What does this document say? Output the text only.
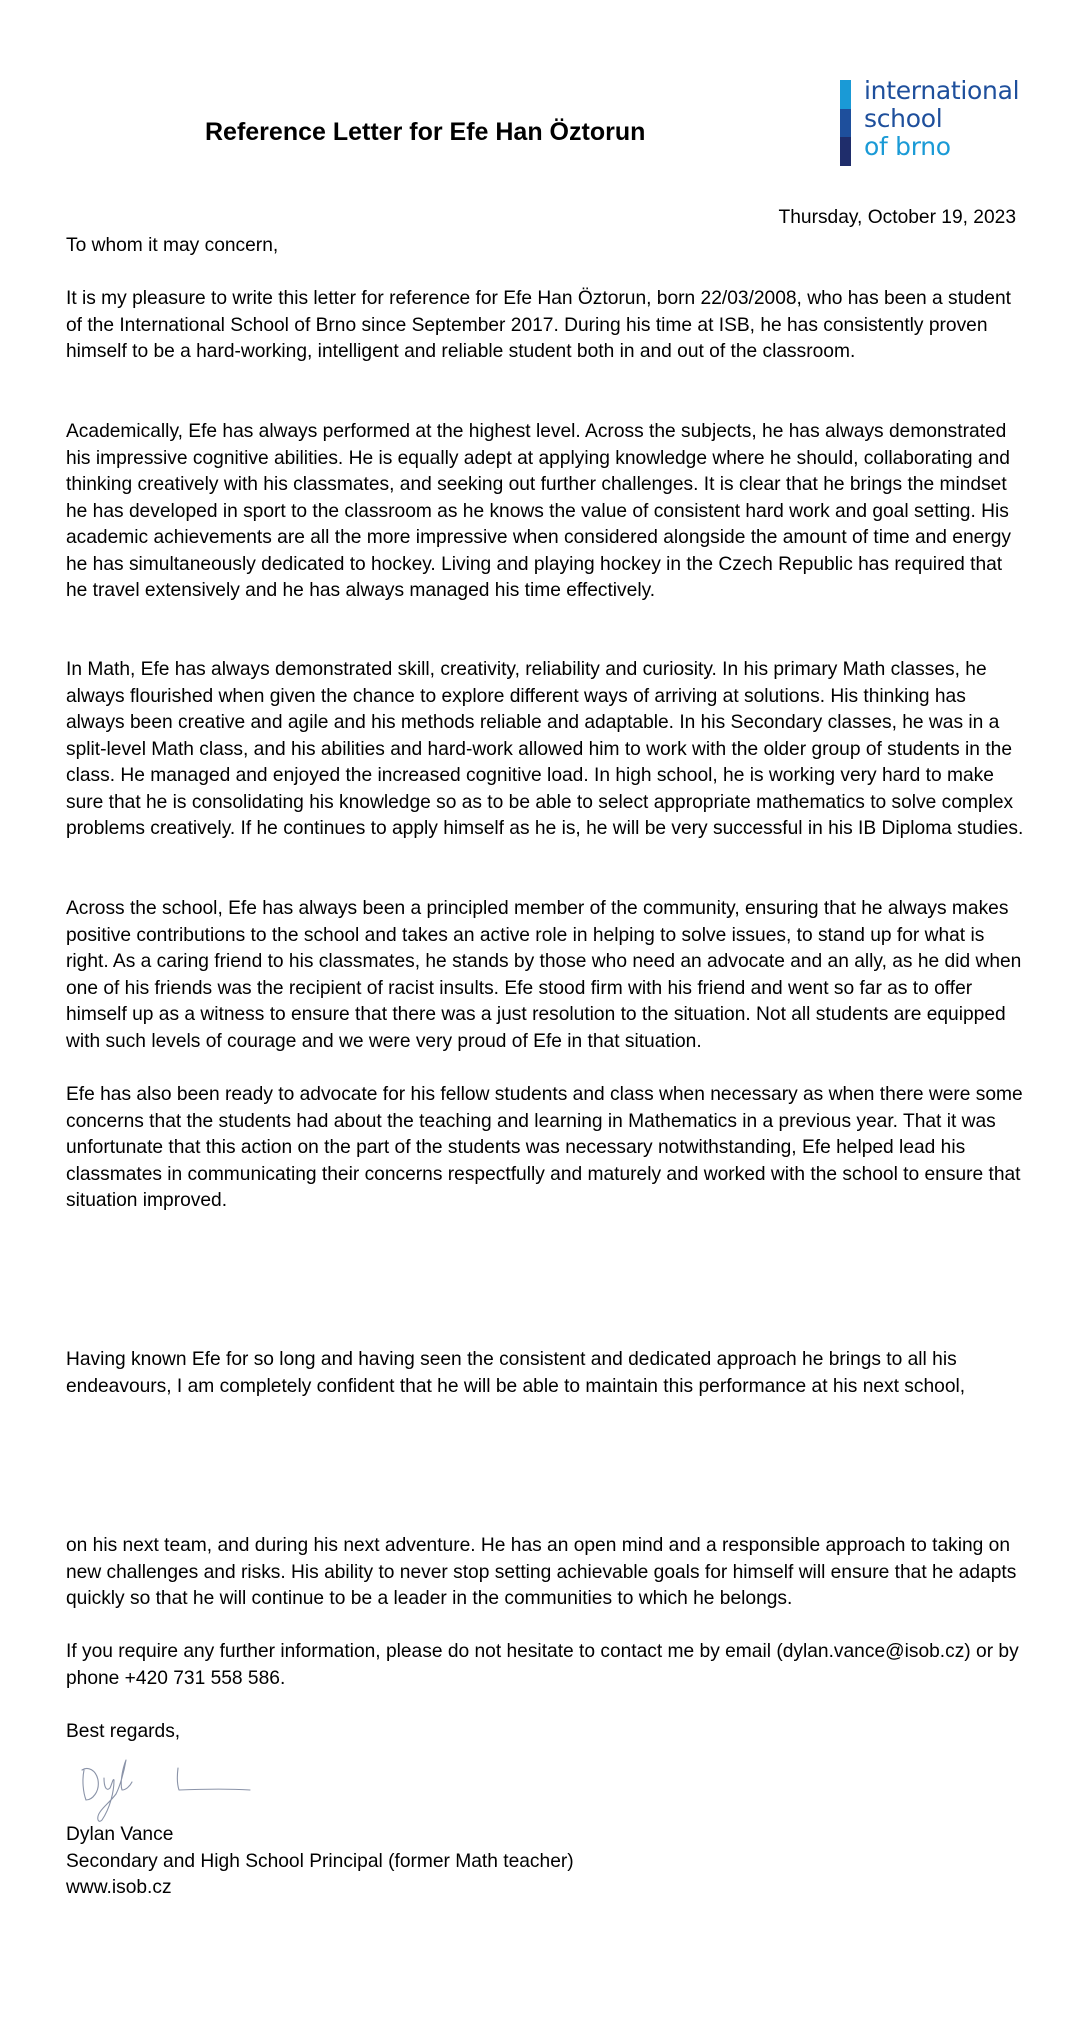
Reference Letter for Efe Han Öztorun
international
school
of brno

Thursday, October 19, 2023

To whom it may concern,

It is my pleasure to write this letter for reference for Efe Han Öztorun, born 22/03/2008, who has been a student of the International School of Brno since September 2017. During his time at ISB, he has consistently proven himself to be a hard-working, intelligent and reliable student both in and out of the classroom.

Academically, Efe has always performed at the highest level. Across the subjects, he has always demonstrated his impressive cognitive abilities. He is equally adept at applying knowledge where he should, collaborating and thinking creatively with his classmates, and seeking out further challenges. It is clear that he brings the mindset he has developed in sport to the classroom as he knows the value of consistent hard work and goal setting. His academic achievements are all the more impressive when considered alongside the amount of time and energy he has simultaneously dedicated to hockey. Living and playing hockey in the Czech Republic has required that he travel extensively and he has always managed his time effectively.

In Math, Efe has always demonstrated skill, creativity, reliability and curiosity. In his primary Math classes, he always flourished when given the chance to explore different ways of arriving at solutions. His thinking has always been creative and agile and his methods reliable and adaptable. In his Secondary classes, he was in a split-level Math class, and his abilities and hard-work allowed him to work with the older group of students in the class. He managed and enjoyed the increased cognitive load. In high school, he is working very hard to make sure that he is consolidating his knowledge so as to be able to select appropriate mathematics to solve complex problems creatively. If he continues to apply himself as he is, he will be very successful in his IB Diploma studies.

Across the school, Efe has always been a principled member of the community, ensuring that he always makes positive contributions to the school and takes an active role in helping to solve issues, to stand up for what is right. As a caring friend to his classmates, he stands by those who need an advocate and an ally, as he did when one of his friends was the recipient of racist insults. Efe stood firm with his friend and went so far as to offer himself up as a witness to ensure that there was a just resolution to the situation. Not all students are equipped with such levels of courage and we were very proud of Efe in that situation.

Efe has also been ready to advocate for his fellow students and class when necessary as when there were some concerns that the students had about the teaching and learning in Mathematics in a previous year. That it was unfortunate that this action on the part of the students was necessary notwithstanding, Efe helped lead his classmates in communicating their concerns respectfully and maturely and worked with the school to ensure that situation improved.

Having known Efe for so long and having seen the consistent and dedicated approach he brings to all his endeavours, I am completely confident that he will be able to maintain this performance at his next school,

on his next team, and during his next adventure. He has an open mind and a responsible approach to taking on new challenges and risks. His ability to never stop setting achievable goals for himself will ensure that he adapts quickly so that he will continue to be a leader in the communities to which he belongs.

If you require any further information, please do not hesitate to contact me by email (dylan.vance@isob.cz) or by phone +420 731 558 586.

Best regards,

Dylan Vance
Secondary and High School Principal (former Math teacher)
www.isob.cz
